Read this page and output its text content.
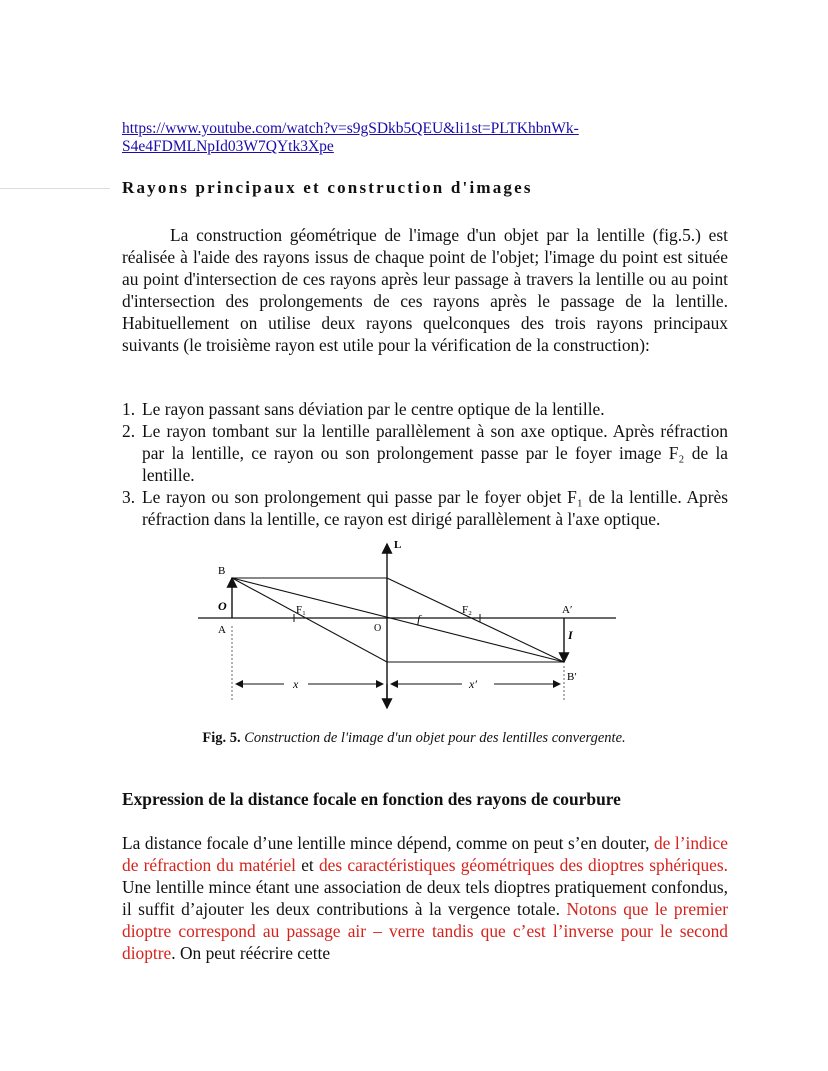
https://www.youtube.com/watch?v=s9gSDkb5QEU&li1st=PLTKhbnWk-
S4e4FDMLNpId03W7QYtk3Xpe
Rayons principaux et construction d'images

La construction géométrique de l'image d'un objet par la lentille (fig.5.) est réalisée à l'aide des rayons issus de chaque point de l'objet; l'image du point est située au point d'intersection de ces rayons après leur passage à travers la lentille ou au point d'intersection des prolongements de ces rayons après le passage de la lentille. Habituellement on utilise deux rayons quelconques des trois rayons principaux suivants (le troisième rayon est utile pour la vérification de la construction):

1. Le rayon passant sans déviation par le centre optique de la lentille.
2. Le rayon tombant sur la lentille parallèlement à son axe optique. Après réfraction par la lentille, ce rayon ou son prolongement passe par le foyer image F₂ de la lentille.
3. Le rayon ou son prolongement qui passe par le foyer objet F₁ de la lentille. Après réfraction dans la lentille, ce rayon est dirigé parallèlement à l'axe optique.
L
B
O
A
F₁	F₂
f
O
A′
I
B′
x	x′
Fig. 5. Construction de l'image d'un objet pour des lentilles convergente.
Expression de la distance focale en fonction des rayons de courbure

La distance focale d’une lentille mince dépend, comme on peut s’en douter, de l’indice de réfraction du matériel et des caractéristiques géométriques des dioptres sphériques. Une lentille mince étant une association de deux tels dioptres pratiquement confondus, il suffit d’ajouter les deux contributions à la vergence totale. Notons que le premier dioptre correspond au passage air – verre tandis que c’est l’inverse pour le second dioptre. On peut réécrire cette
